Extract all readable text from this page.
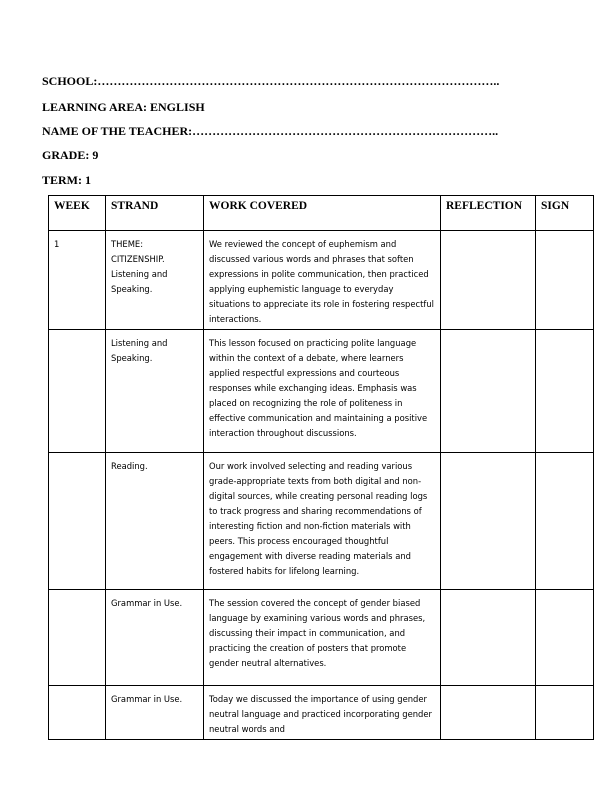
SCHOOL:………………………………………………………………………………………..
LEARNING AREA: ENGLISH
NAME OF THE TEACHER:…………………………………………………………………..
GRADE: 9
TERM: 1
WEEK	STRAND	WORK COVERED	REFLECTION	SIGN
1	THEME: CITIZENSHIP. Listening and Speaking.	We reviewed the concept of euphemism and discussed various words and phrases that soften expressions in polite communication, then practiced applying euphemistic language to everyday situations to appreciate its role in fostering respectful interactions.		
	Listening and Speaking.	This lesson focused on practicing polite language within the context of a debate, where learners applied respectful expressions and courteous responses while exchanging ideas. Emphasis was placed on recognizing the role of politeness in effective communication and maintaining a positive interaction throughout discussions.		
	Reading.	Our work involved selecting and reading various grade-appropriate texts from both digital and non-digital sources, while creating personal reading logs to track progress and sharing recommendations of interesting fiction and non-fiction materials with peers. This process encouraged thoughtful engagement with diverse reading materials and fostered habits for lifelong learning.		
	Grammar in Use.	The session covered the concept of gender biased language by examining various words and phrases, discussing their impact in communication, and practicing the creation of posters that promote gender neutral alternatives.		
	Grammar in Use.	Today we discussed the importance of using gender neutral language and practiced incorporating gender neutral words and		
